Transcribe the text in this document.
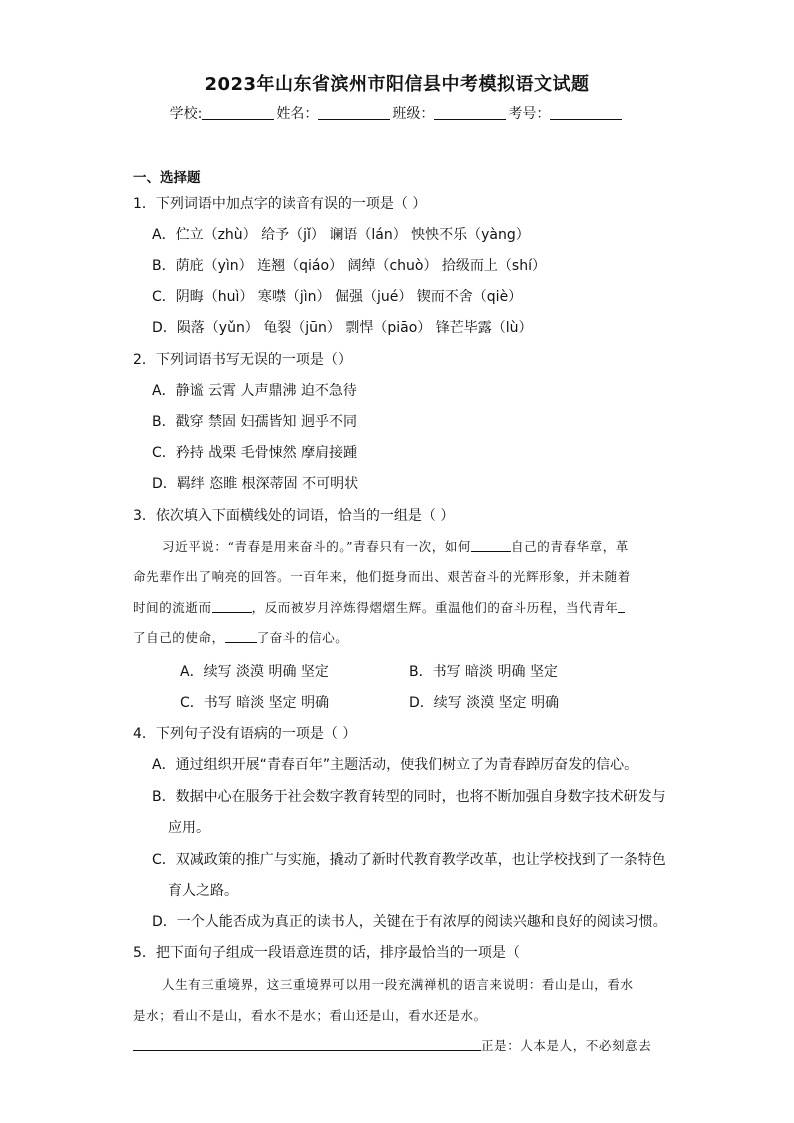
2023年山东省滨州市阳信县中考模拟语文试题
学校:	姓名：	班级：	考号：
一、选择题
1．下列词语中加点字的读音有误的一项是（ ）
A．伫立（zhù） 给予（jǐ） 谰语（lán） 怏怏不乐（yàng）
B．荫庇（yìn） 连翘（qiáo） 阔绰（chuò） 拾级而上（shí）
C．阴晦（huì） 寒噤（jìn） 倔强（jué） 锲而不舍（qiè）
D．陨落（yǔn） 龟裂（jūn） 剽悍（piāo） 锋芒毕露（lù）
2．下列词语书写无误的一项是（）
A．静谧 云霄 人声鼎沸 迫不急待
B．戳穿 禁固 妇孺皆知 迥乎不同
C．矜持 战栗 毛骨悚然 摩肩接踵
D．羁绊 恣睢 根深蒂固 不可明状
3．依次填入下面横线处的词语，恰当的一组是（ ）
习近平说：“青春是用来奋斗的。”青春只有一次，如何	自己的青春华章，革
命先辈作出了响亮的回答。一百年来，他们挺身而出、艰苦奋斗的光辉形象，并未随着
时间的流逝而	，反而被岁月淬炼得熠熠生辉。重温他们的奋斗历程，当代青年
了自己的使命，	了奋斗的信心。
A．续写 淡漠 明确 坚定	B．书写 暗淡 明确 坚定
C．书写 暗淡 坚定 明确	D．续写 淡漠 坚定 明确
4．下列句子没有语病的一项是（ ）
A．通过组织开展“青春百年”主题活动，使我们树立了为青春踔厉奋发的信心。
B．数据中心在服务于社会数字教育转型的同时，也将不断加强自身数字技术研发与
应用。
C．双减政策的推广与实施，撬动了新时代教育教学改革，也让学校找到了一条特色
育人之路。
D．一个人能否成为真正的读书人，关键在于有浓厚的阅读兴趣和良好的阅读习惯。
5．把下面句子组成一段语意连贯的话，排序最恰当的一项是（
人生有三重境界，这三重境界可以用一段充满禅机的语言来说明：看山是山，看水
是水；看山不是山，看水不是水；看山还是山，看水还是水。
正是：人本是人，不必刻意去
